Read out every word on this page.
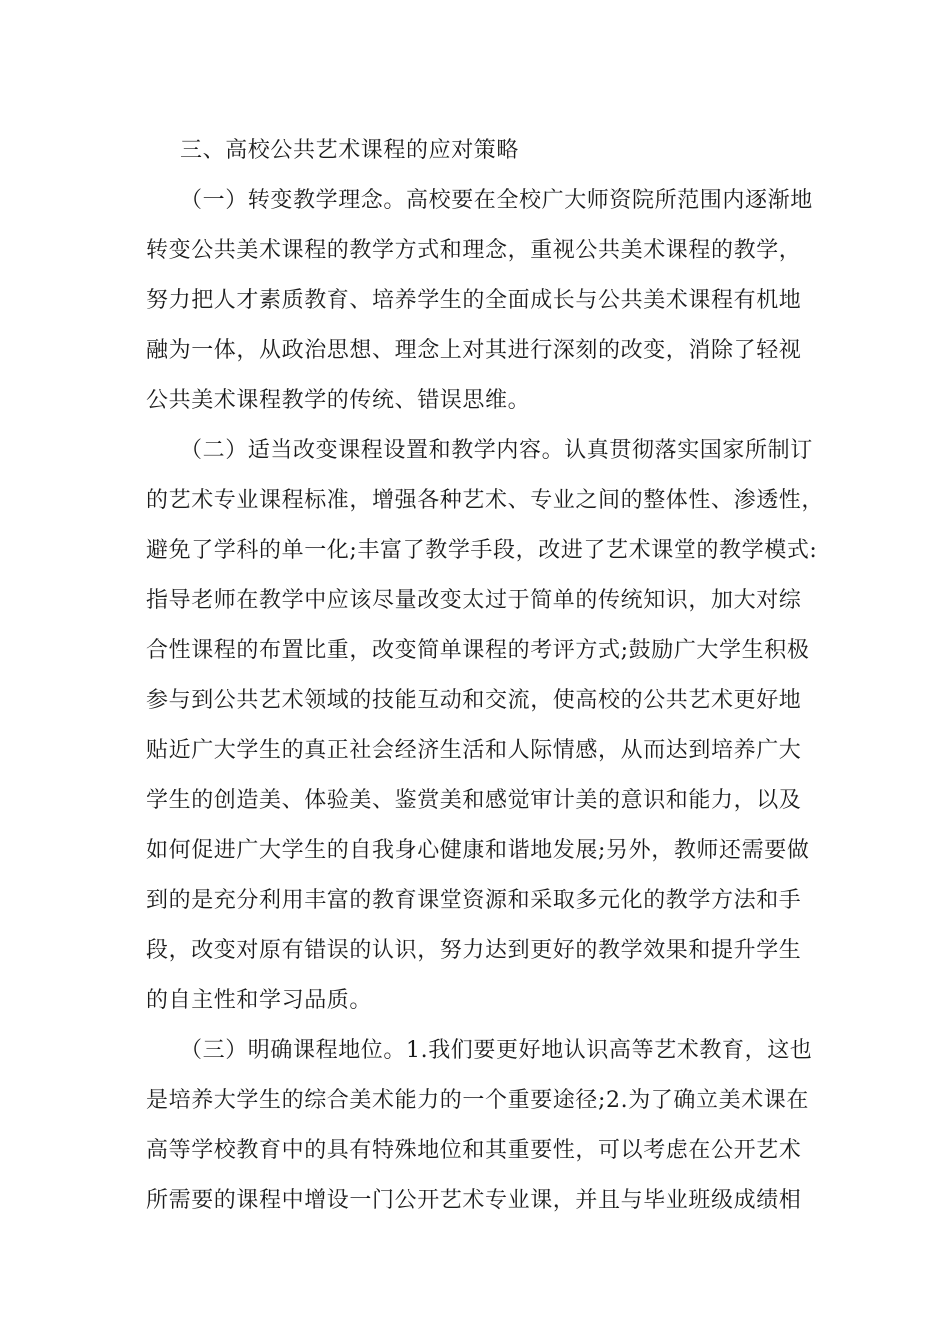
三、高校公共艺术课程的应对策略
（一）转变教学理念。高校要在全校广大师资院所范围内逐渐地
转变公共美术课程的教学方式和理念，重视公共美术课程的教学，
努力把人才素质教育、培养学生的全面成长与公共美术课程有机地
融为一体，从政治思想、理念上对其进行深刻的改变，消除了轻视
公共美术课程教学的传统、错误思维。
（二）适当改变课程设置和教学内容。认真贯彻落实国家所制订
的艺术专业课程标准，增强各种艺术、专业之间的整体性、渗透性，
避免了学科的单一化;丰富了教学手段，改进了艺术课堂的教学模式:
指导老师在教学中应该尽量改变太过于简单的传统知识，加大对综
合性课程的布置比重，改变简单课程的考评方式;鼓励广大学生积极
参与到公共艺术领域的技能互动和交流，使高校的公共艺术更好地
贴近广大学生的真正社会经济生活和人际情感，从而达到培养广大
学生的创造美、体验美、鉴赏美和感觉审计美的意识和能力，以及
如何促进广大学生的自我身心健康和谐地发展;另外，教师还需要做
到的是充分利用丰富的教育课堂资源和采取多元化的教学方法和手
段，改变对原有错误的认识，努力达到更好的教学效果和提升学生
的自主性和学习品质。
（三）明确课程地位。1.我们要更好地认识高等艺术教育，这也
是培养大学生的综合美术能力的一个重要途径;2.为了确立美术课在
高等学校教育中的具有特殊地位和其重要性，可以考虑在公开艺术
所需要的课程中增设一门公开艺术专业课，并且与毕业班级成绩相
